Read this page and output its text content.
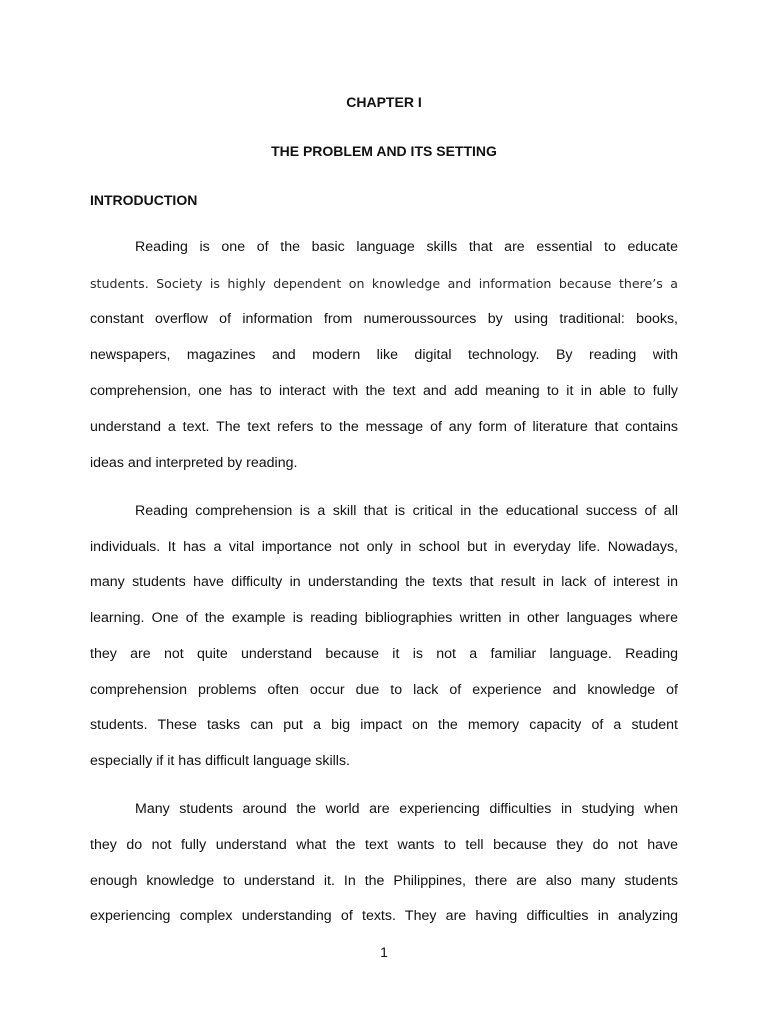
CHAPTER I
THE PROBLEM AND ITS SETTING
INTRODUCTION
Reading is one of the basic language skills that are essential to educate
students. Society is highly dependent on knowledge and information because there’s a
constant overflow of information from numeroussources by using traditional: books,
newspapers, magazines and modern like digital technology. By reading with
comprehension, one has to interact with the text and add meaning to it in able to fully
understand a text. The text refers to the message of any form of literature that contains
ideas and interpreted by reading.
Reading comprehension is a skill that is critical in the educational success of all
individuals. It has a vital importance not only in school but in everyday life. Nowadays,
many students have difficulty in understanding the texts that result in lack of interest in
learning. One of the example is reading bibliographies written in other languages where
they are not quite understand because it is not a familiar language. Reading
comprehension problems often occur due to lack of experience and knowledge of
students. These tasks can put a big impact on the memory capacity of a student
especially if it has difficult language skills.
Many students around the world are experiencing difficulties in studying when
they do not fully understand what the text wants to tell because they do not have
enough knowledge to understand it. In the Philippines, there are also many students
experiencing complex understanding of texts. They are having difficulties in analyzing
1
